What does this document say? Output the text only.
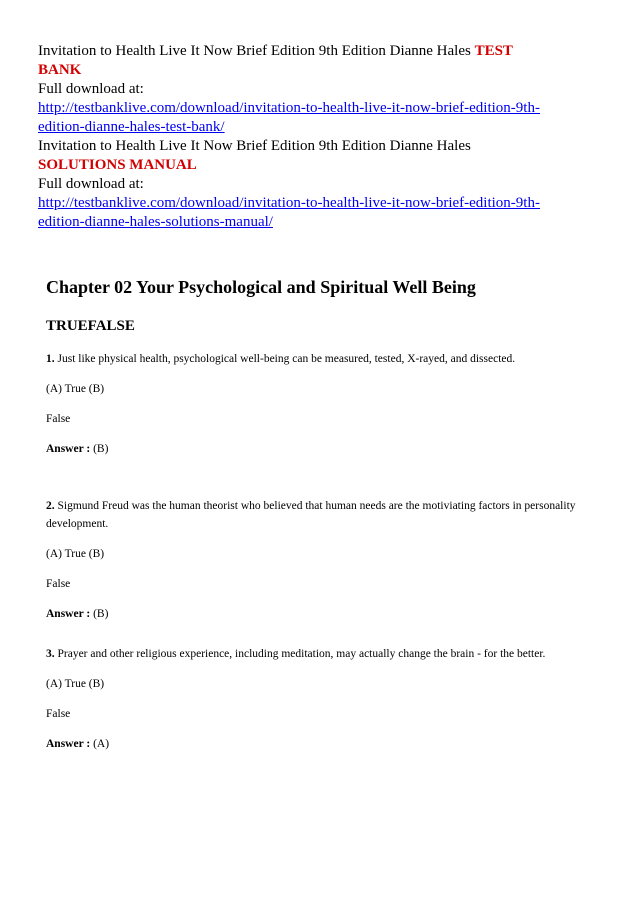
Invitation to Health Live It Now Brief Edition 9th Edition Dianne Hales TEST
BANK
Full download at:
http://testbanklive.com/download/invitation-to-health-live-it-now-brief-edition-9th-
edition-dianne-hales-test-bank/
Invitation to Health Live It Now Brief Edition 9th Edition Dianne Hales
SOLUTIONS MANUAL
Full download at:
http://testbanklive.com/download/invitation-to-health-live-it-now-brief-edition-9th-
edition-dianne-hales-solutions-manual/
Chapter 02 Your Psychological and Spiritual Well Being
TRUEFALSE

1. Just like physical health, psychological well-being can be measured, tested, X-rayed, and dissected.

(A) True (B)

False

Answer : (B)

2. Sigmund Freud was the human theorist who believed that human needs are the motiviating factors in personality development.

(A) True (B)

False

Answer : (B)

3. Prayer and other religious experience, including meditation, may actually change the brain - for the better.

(A) True (B)

False

Answer : (A)
